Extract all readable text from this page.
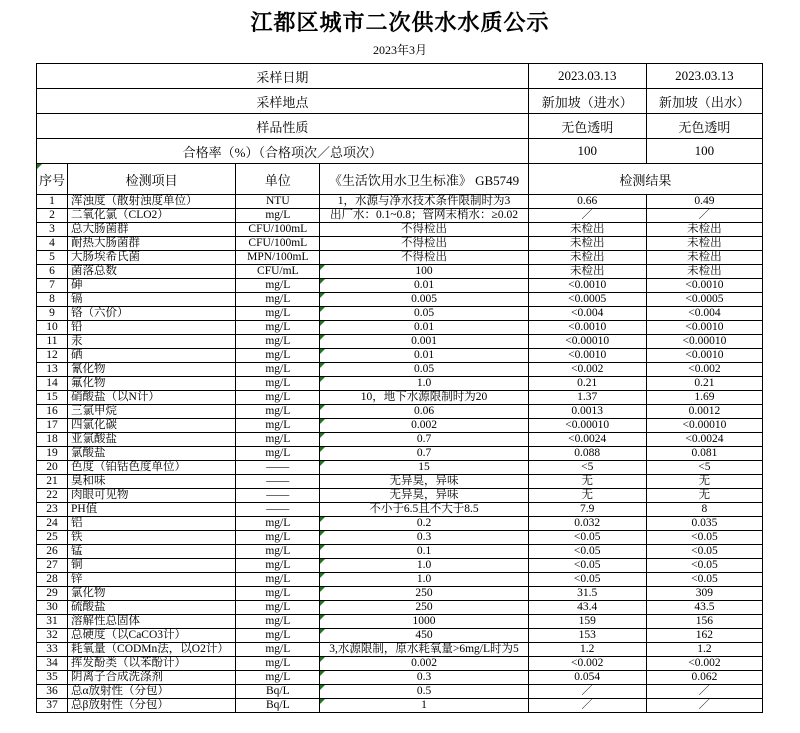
江都区城市二次供水水质公示
2023年3月
采样日期				2023.03.13	2023.03.13
采样地点				新加坡（进水）	新加坡（出水）
样品性质				无色透明	无色透明
合格率（%）（合格项次／总项次）				100	100
序号	检测项目	单位	《生活饮用水卫生标准》 GB5749	检测结果	
1	浑浊度（散射浊度单位）	NTU	1，水源与净水技术条件限制时为3	0.66	0.49
2	二氧化氯（CLO2）	mg/L	出厂水：0.1~0.8；管网末梢水：≥0.02	／	／
3	总大肠菌群	CFU/100mL	不得检出	未检出	未检出
4	耐热大肠菌群	CFU/100mL	不得检出	未检出	未检出
5	大肠埃希氏菌	MPN/100mL	不得检出	未检出	未检出
6	菌落总数	CFU/mL	100	未检出	未检出
7	砷	mg/L	0.01	<0.0010	<0.0010
8	镉	mg/L	0.005	<0.0005	<0.0005
9	铬（六价）	mg/L	0.05	<0.004	<0.004
10	铅	mg/L	0.01	<0.0010	<0.0010
11	汞	mg/L	0.001	<0.00010	<0.00010
12	硒	mg/L	0.01	<0.0010	<0.0010
13	氰化物	mg/L	0.05	<0.002	<0.002
14	氟化物	mg/L	1.0	0.21	0.21
15	硝酸盐（以N计）	mg/L	10，地下水源限制时为20	1.37	1.69
16	三氯甲烷	mg/L	0.06	0.0013	0.0012
17	四氯化碳	mg/L	0.002	<0.00010	<0.00010
18	亚氯酸盐	mg/L	0.7	<0.0024	<0.0024
19	氯酸盐	mg/L	0.7	0.088	0.081
20	色度（铂钴色度单位）	——	15	<5	<5
21	臭和味	——	无异臭，异味	无	无
22	肉眼可见物	——	无异臭，异味	无	无
23	PH值	——	不小于6.5且不大于8.5	7.9	8
24	铝	mg/L	0.2	0.032	0.035
25	铁	mg/L	0.3	<0.05	<0.05
26	锰	mg/L	0.1	<0.05	<0.05
27	铜	mg/L	1.0	<0.05	<0.05
28	锌	mg/L	1.0	<0.05	<0.05
29	氯化物	mg/L	250	31.5	309
30	硫酸盐	mg/L	250	43.4	43.5
31	溶解性总固体	mg/L	1000	159	156
32	总硬度（以CaCO3计）	mg/L	450	153	162
33	耗氧量（CODMn法，以O2计）	mg/L	3,水源限制，原水耗氧量>6mg/L时为5	1.2	1.2
34	挥发酚类（以苯酚计）	mg/L	0.002	<0.002	<0.002
35	阴离子合成洗涤剂	mg/L	0.3	0.054	0.062
36	总α放射性（分包）	Bq/L	0.5	／	／
37	总β放射性（分包）	Bq/L	1	／	／
